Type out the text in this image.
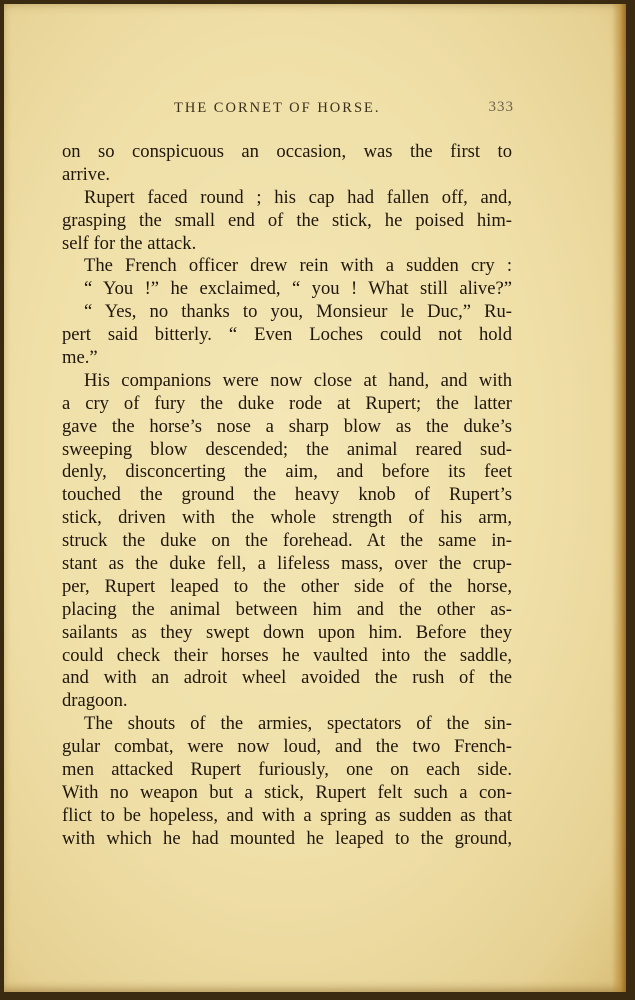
THE CORNET OF HORSE.	333
on so conspicuous an occasion, was the first to
arrive.
Rupert faced round ; his cap had fallen off, and,
grasping the small end of the stick, he poised him-
self for the attack.
The French officer drew rein with a sudden cry :
“ You !” he exclaimed, “ you ! What still alive?”
“ Yes, no thanks to you, Monsieur le Duc,” Ru-
pert said bitterly. “ Even Loches could not hold
me.”
His companions were now close at hand, and with
a cry of fury the duke rode at Rupert; the latter
gave the horse’s nose a sharp blow as the duke’s
sweeping blow descended; the animal reared sud-
denly, disconcerting the aim, and before its feet
touched the ground the heavy knob of Rupert’s
stick, driven with the whole strength of his arm,
struck the duke on the forehead. At the same in-
stant as the duke fell, a lifeless mass, over the crup-
per, Rupert leaped to the other side of the horse,
placing the animal between him and the other as-
sailants as they swept down upon him. Before they
could check their horses he vaulted into the saddle,
and with an adroit wheel avoided the rush of the
dragoon.
The shouts of the armies, spectators of the sin-
gular combat, were now loud, and the two French-
men attacked Rupert furiously, one on each side.
With no weapon but a stick, Rupert felt such a con-
flict to be hopeless, and with a spring as sudden as that
with which he had mounted he leaped to the ground,
